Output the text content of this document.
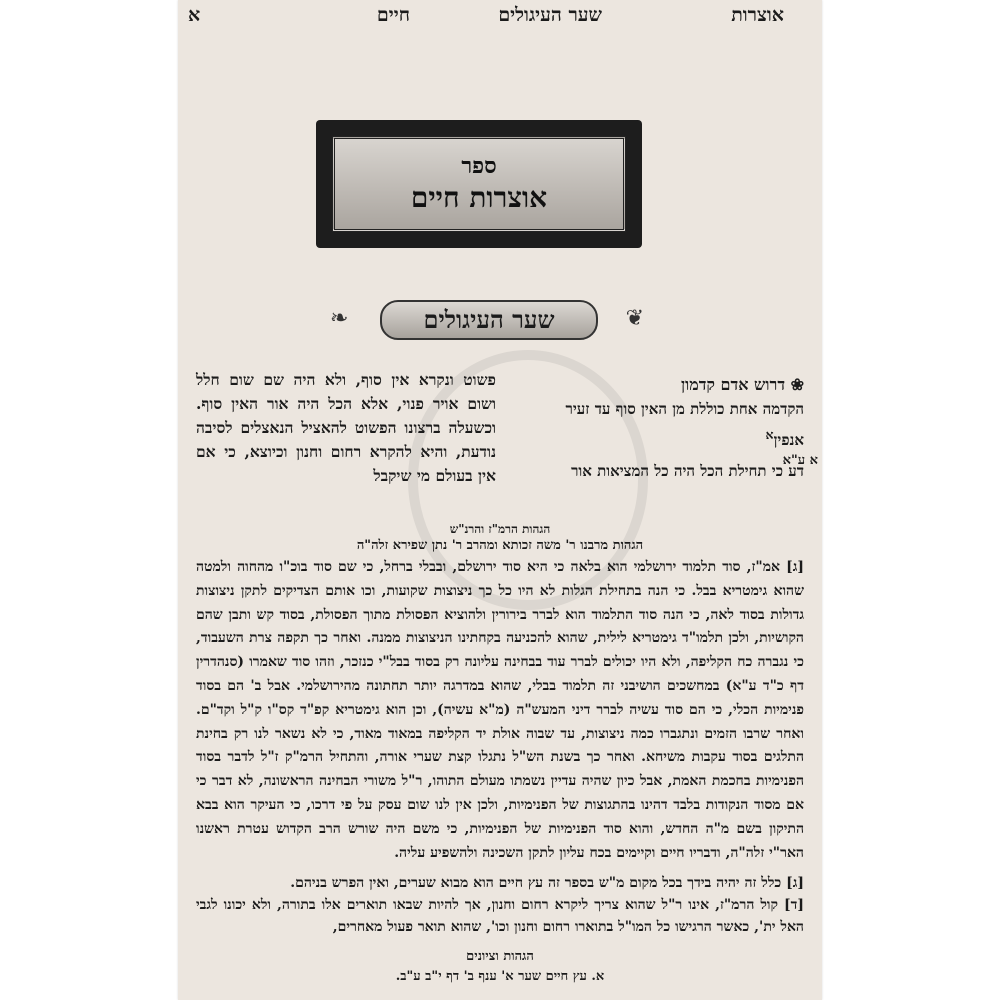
אוצרות
שער העיגולים
חיים
א
ספר
אוצרות חיים
❦
שער העיגולים
❧
❀ דרוש אדם קדמון
הקדמה אחת כוללת מן האין סוף עד זעיר אנפין$^א$
דע כי תחילת הכל היה כל המציאות אור
א ע"א
פשוט ונקרא אין סוף, ולא היה שם שום חלל ושום אויר פנוי, אלא הכל היה אור האין סוף. וכשעלה ברצונו הפשוט להאציל הנאצלים לסיבה נודעת, והיא להקרא רחום וחנון וכיוצא, כי אם אין בעולם מי שיקבל
הגהות הרמ"ז והרנ"ש
הגהות מרבנו ר' משה זכותא ומהרב ר' נתן שפירא זלה"ה

[ג] אמ"ז, סוד תלמוד ירושלמי הוא בלאה כי היא סוד ירושלם, ובבלי ברחל, כי שם סוד בוכ"ו מהחוה ולמטה שהוא גימטריא בבל. כי הנה בתחילת הגלות לא היו כל כך ניצוצות שקועות, וכו אותם הצדיקים לתקן ניצוצות גדולות בסוד לאה, כי הנה סוד התלמוד הוא לברר בירורין ולהוציא הפסולת מתוך הפסולת, בסוד קש ותבן שהם הקושיות, ולכן תלמו"ד גימטריא לילית, שהוא להכניעה בקחתינו הניצוצות ממנה. ואחר כך תקפה צרת השעבוד, כי נגברה כח הקליפה, ולא היו יכולים לברר עוד בבחינה עליונה רק בסוד בבל"י כנזכר, וזהו סוד שאמרו (סנהדרין דף כ"ד ע"א) במחשכים הושיבני זה תלמוד בבלי, שהוא במדרגה יותר תחתונה מהירושלמי. אבל ב' הם בסוד פנימיות הכלי, כי הם סוד עשיה לברר דיני המעש"ה (מ"א עשיה), וכן הוא גימטריא קפ"ד קס"ו ק"ל וקד"ם. ואחר שרבו הזמים ונתגברו כמה ניצוצות, עד שבוה אולת יד הקליפה במאוד מאוד, כי לא נשאר לנו רק בחינת התלגים בסוד עקבות משיחא. ואחר כך בשנת הש"ל נתגלו קצת שערי אורה, והתחיל הרמ"ק ז"ל לדבר בסוד הפנימיות בחכמת האמת, אבל כיון שהיה עדיין נשמתו מעולם התוהו, ר"ל משורי הבחינה הראשונה, לא דבר כי אם מסוד הנקודות בלבד דהינו בהתגוצות של הפנימיות, ולכן אין לנו שום עסק על פי דרכו, כי העיקר הוא בבא התיקון בשם מ"ה החדש, והוא סוד הפנימיות של הפנימיות, כי משם היה שורש הרב הקדוש עטרת ראשנו האר"י זלה"ה, ודבריו חיים וקיימים בכח עליון לתקן השכינה ולהשפיע עליה.

[ג] כלל זה יהיה בידך בכל מקום מ"ש בספר זה עץ חיים הוא מבוא שערים, ואין הפרש בניהם.

[ד] קול הרמ"ז, אינו ר"ל שהוא צריך ליקרא רחום וחנון, אך להיות שבאו תוארים אלו בתורה, ולא יכונו לגבי האל ית', כאשר הרגישו כל המו"ל בתוארו רחום וחנון וכו', שהוא תואר פעול מאחרים,

הגהות וציונים
א. עץ חיים שער א' ענף ב' דף י"ב ע"ב.
